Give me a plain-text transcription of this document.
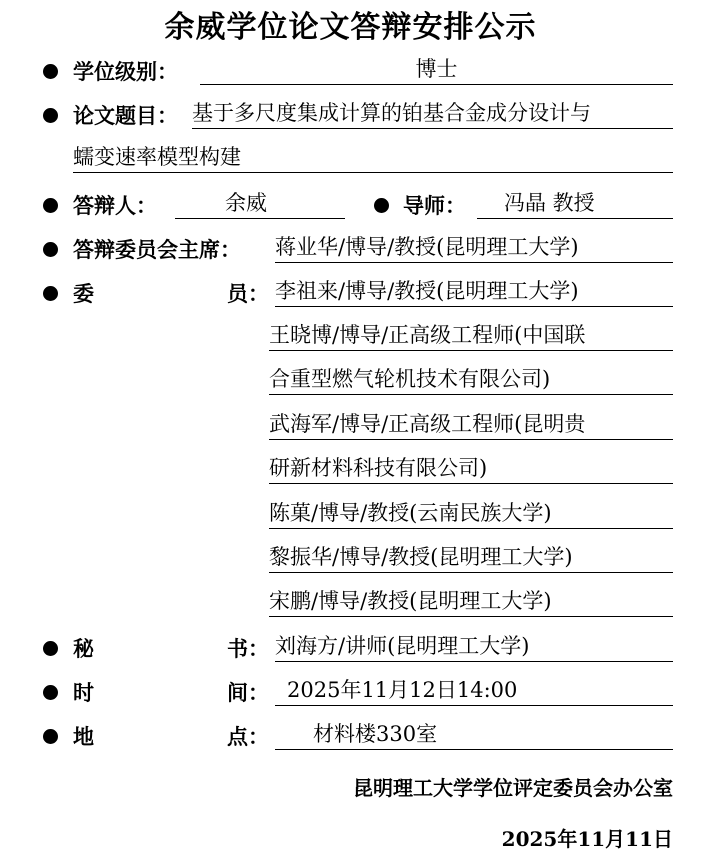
余威学位论文答辩安排公示
学位级别：	博士
论文题目： 基于多尺度集成计算的铂基合金成分设计与
蠕变速率模型构建
答辩人：	余威	导师：	冯晶 教授
答辩委员会主席： 蒋业华/博导/教授(昆明理工大学)
委	员： 李祖来/博导/教授(昆明理工大学)
王晓博/博导/正高级工程师(中国联
合重型燃气轮机技术有限公司)
武海军/博导/正高级工程师(昆明贵
研新材料科技有限公司)
陈菓/博导/教授(云南民族大学)
黎振华/博导/教授(昆明理工大学)
宋鹏/博导/教授(昆明理工大学)
秘	书： 刘海方/讲师(昆明理工大学)
时	间： 2025年11月12日14:00
地	点：	材料楼330室
昆明理工大学学位评定委员会办公室
2025年11月11日
